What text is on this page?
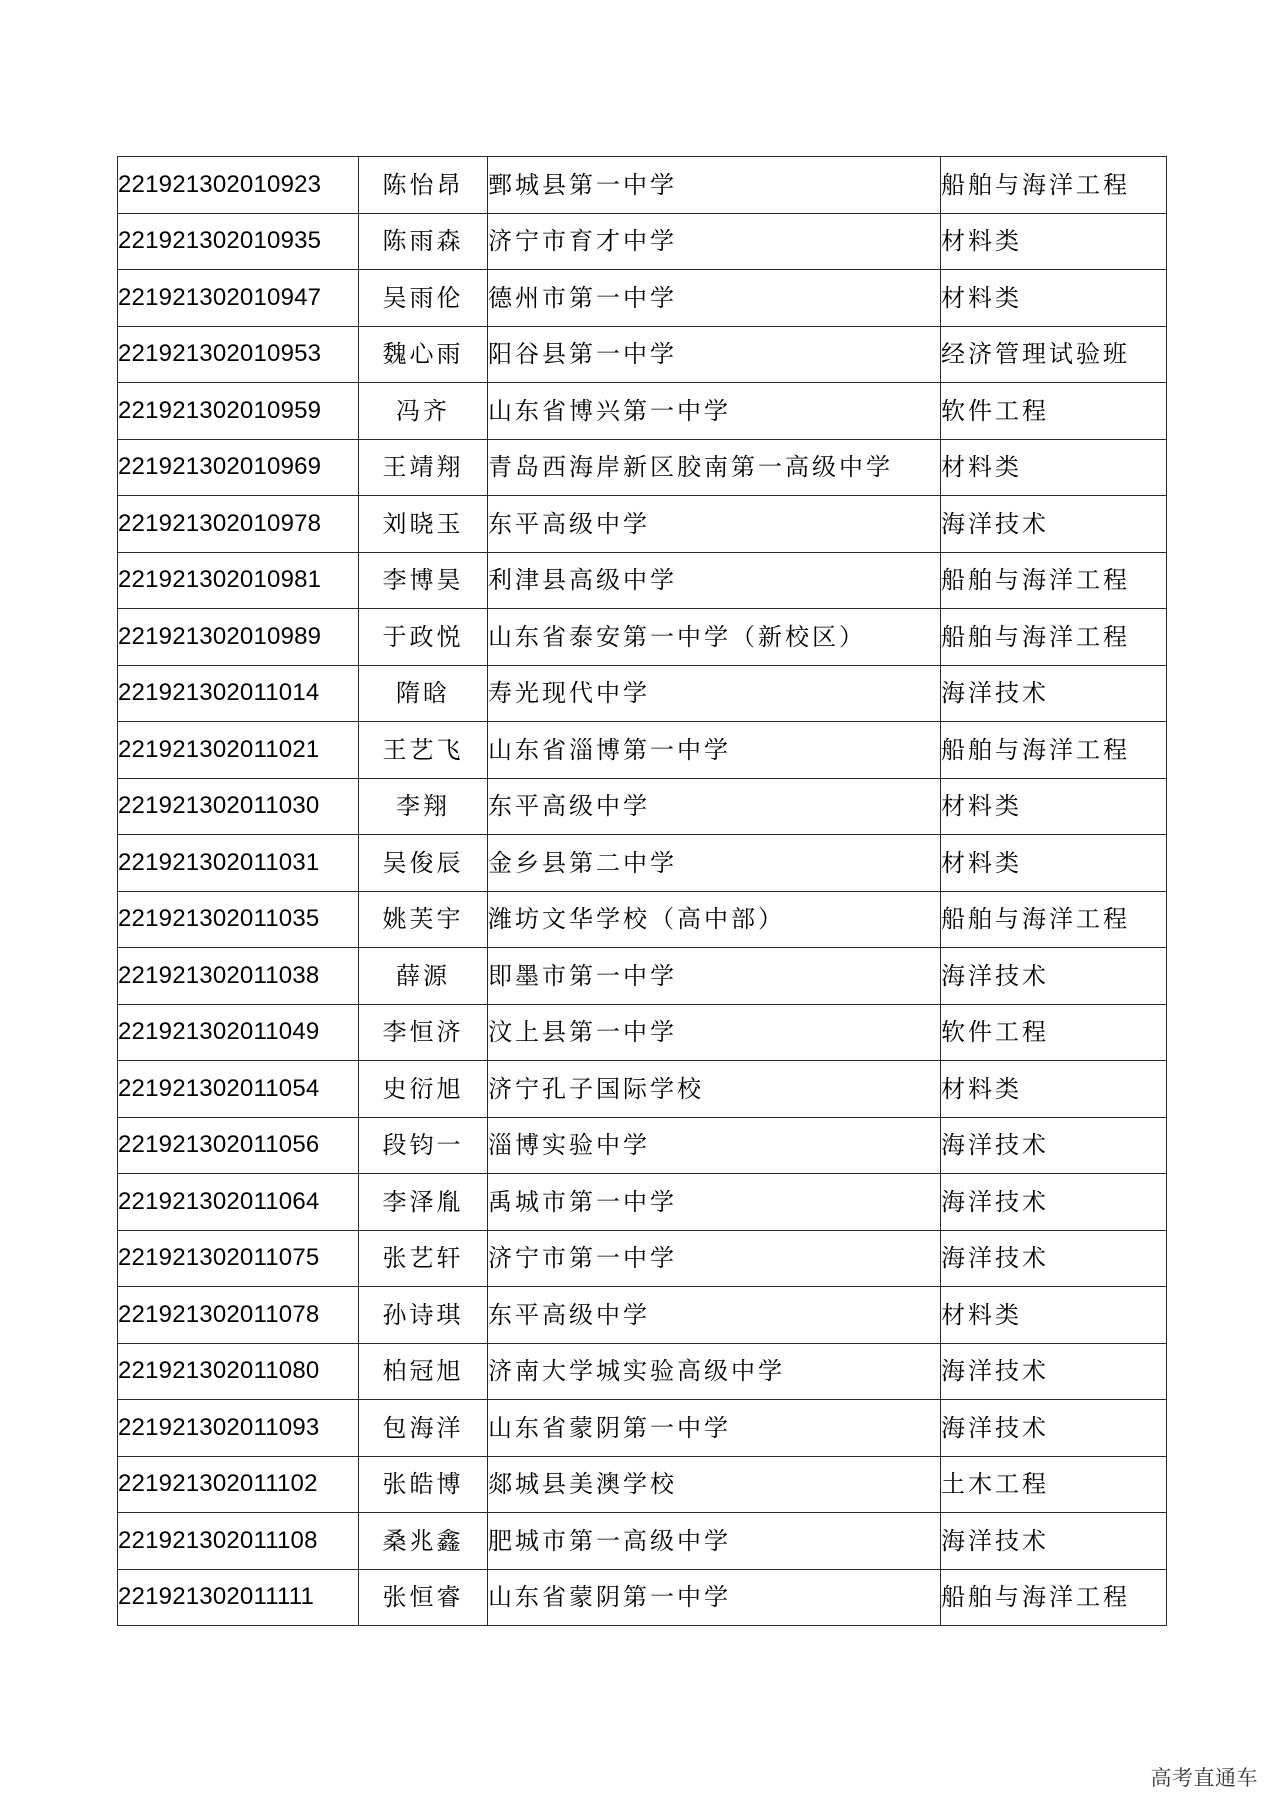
221921302010923	陈怡昂	鄄城县第一中学	船舶与海洋工程
221921302010935	陈雨森	济宁市育才中学	材料类
221921302010947	吴雨伦	德州市第一中学	材料类
221921302010953	魏心雨	阳谷县第一中学	经济管理试验班
221921302010959	冯齐	山东省博兴第一中学	软件工程
221921302010969	王靖翔	青岛西海岸新区胶南第一高级中学	材料类
221921302010978	刘晓玉	东平高级中学	海洋技术
221921302010981	李博昊	利津县高级中学	船舶与海洋工程
221921302010989	于政悦	山东省泰安第一中学（新校区）	船舶与海洋工程
221921302011014	隋晗	寿光现代中学	海洋技术
221921302011021	王艺飞	山东省淄博第一中学	船舶与海洋工程
221921302011030	李翔	东平高级中学	材料类
221921302011031	吴俊辰	金乡县第二中学	材料类
221921302011035	姚芙宇	潍坊文华学校（高中部）	船舶与海洋工程
221921302011038	薛源	即墨市第一中学	海洋技术
221921302011049	李恒济	汶上县第一中学	软件工程
221921302011054	史衍旭	济宁孔子国际学校	材料类
221921302011056	段钧一	淄博实验中学	海洋技术
221921302011064	李泽胤	禹城市第一中学	海洋技术
221921302011075	张艺轩	济宁市第一中学	海洋技术
221921302011078	孙诗琪	东平高级中学	材料类
221921302011080	柏冠旭	济南大学城实验高级中学	海洋技术
221921302011093	包海洋	山东省蒙阴第一中学	海洋技术
221921302011102	张皓博	郯城县美澳学校	土木工程
221921302011108	桑兆鑫	肥城市第一高级中学	海洋技术
221921302011111	张恒睿	山东省蒙阴第一中学	船舶与海洋工程
高考直通车
